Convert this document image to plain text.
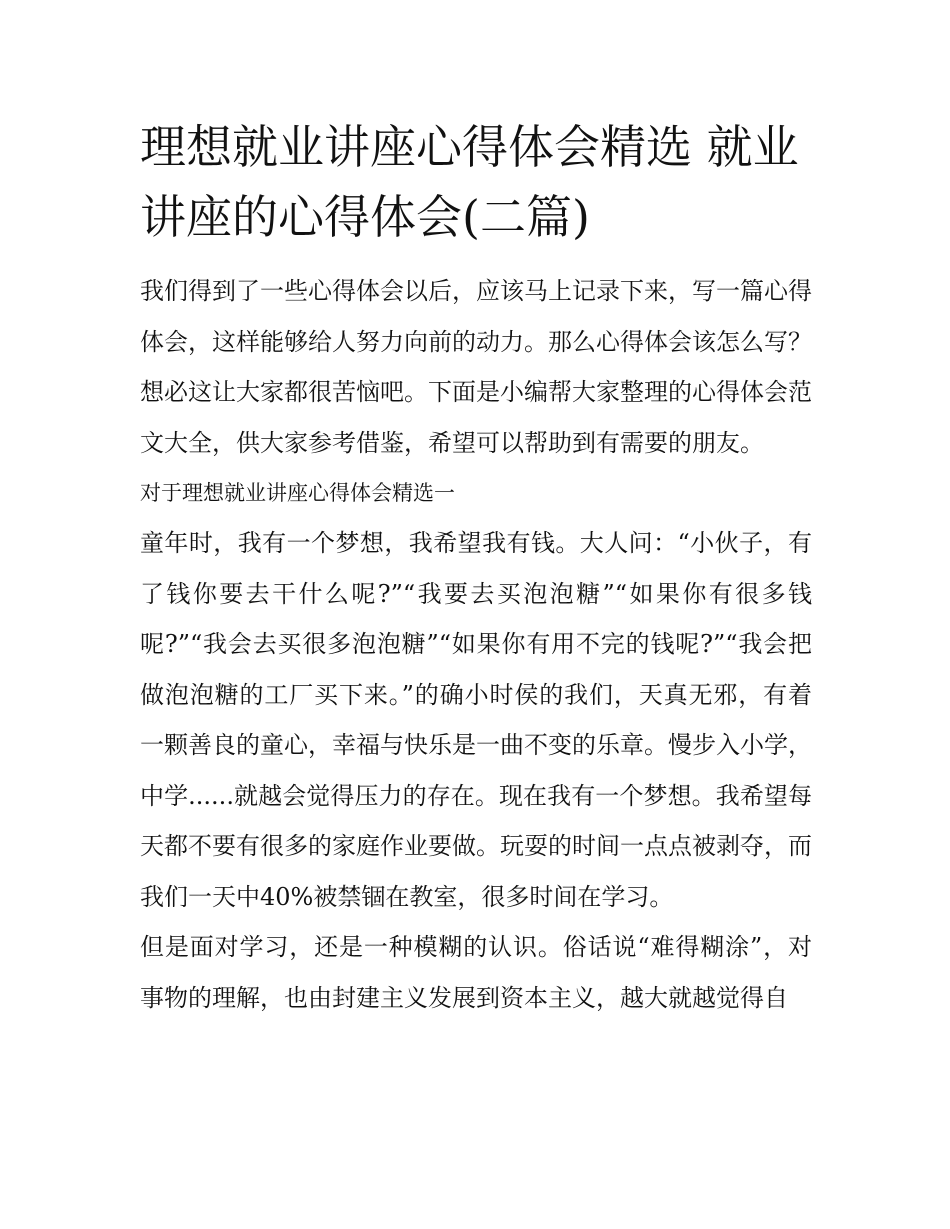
理想就业讲座心得体会精选 就业讲座的心得体会(二篇)

我们得到了一些心得体会以后，应该马上记录下来，写一篇心得体会，这样能够给人努力向前的动力。那么心得体会该怎么写？想必这让大家都很苦恼吧。下面是小编帮大家整理的心得体会范文大全，供大家参考借鉴，希望可以帮助到有需要的朋友。

对于理想就业讲座心得体会精选一

童年时，我有一个梦想，我希望我有钱。大人问：“小伙子，有了钱你要去干什么呢?”“我要去买泡泡糖”“如果你有很多钱呢?”“我会去买很多泡泡糖”“如果你有用不完的钱呢?”“我会把做泡泡糖的工厂买下来。”的确小时侯的我们，天真无邪，有着一颗善良的童心，幸福与快乐是一曲不变的乐章。慢步入小学，中学......就越会觉得压力的存在。现在我有一个梦想。我希望每天都不要有很多的家庭作业要做。玩耍的时间一点点被剥夺，而我们一天中40%被禁锢在教室，很多时间在学习。

但是面对学习，还是一种模糊的认识。俗话说“难得糊涂”，对事物的理解，也由封建主义发展到资本主义，越大就越觉得自
